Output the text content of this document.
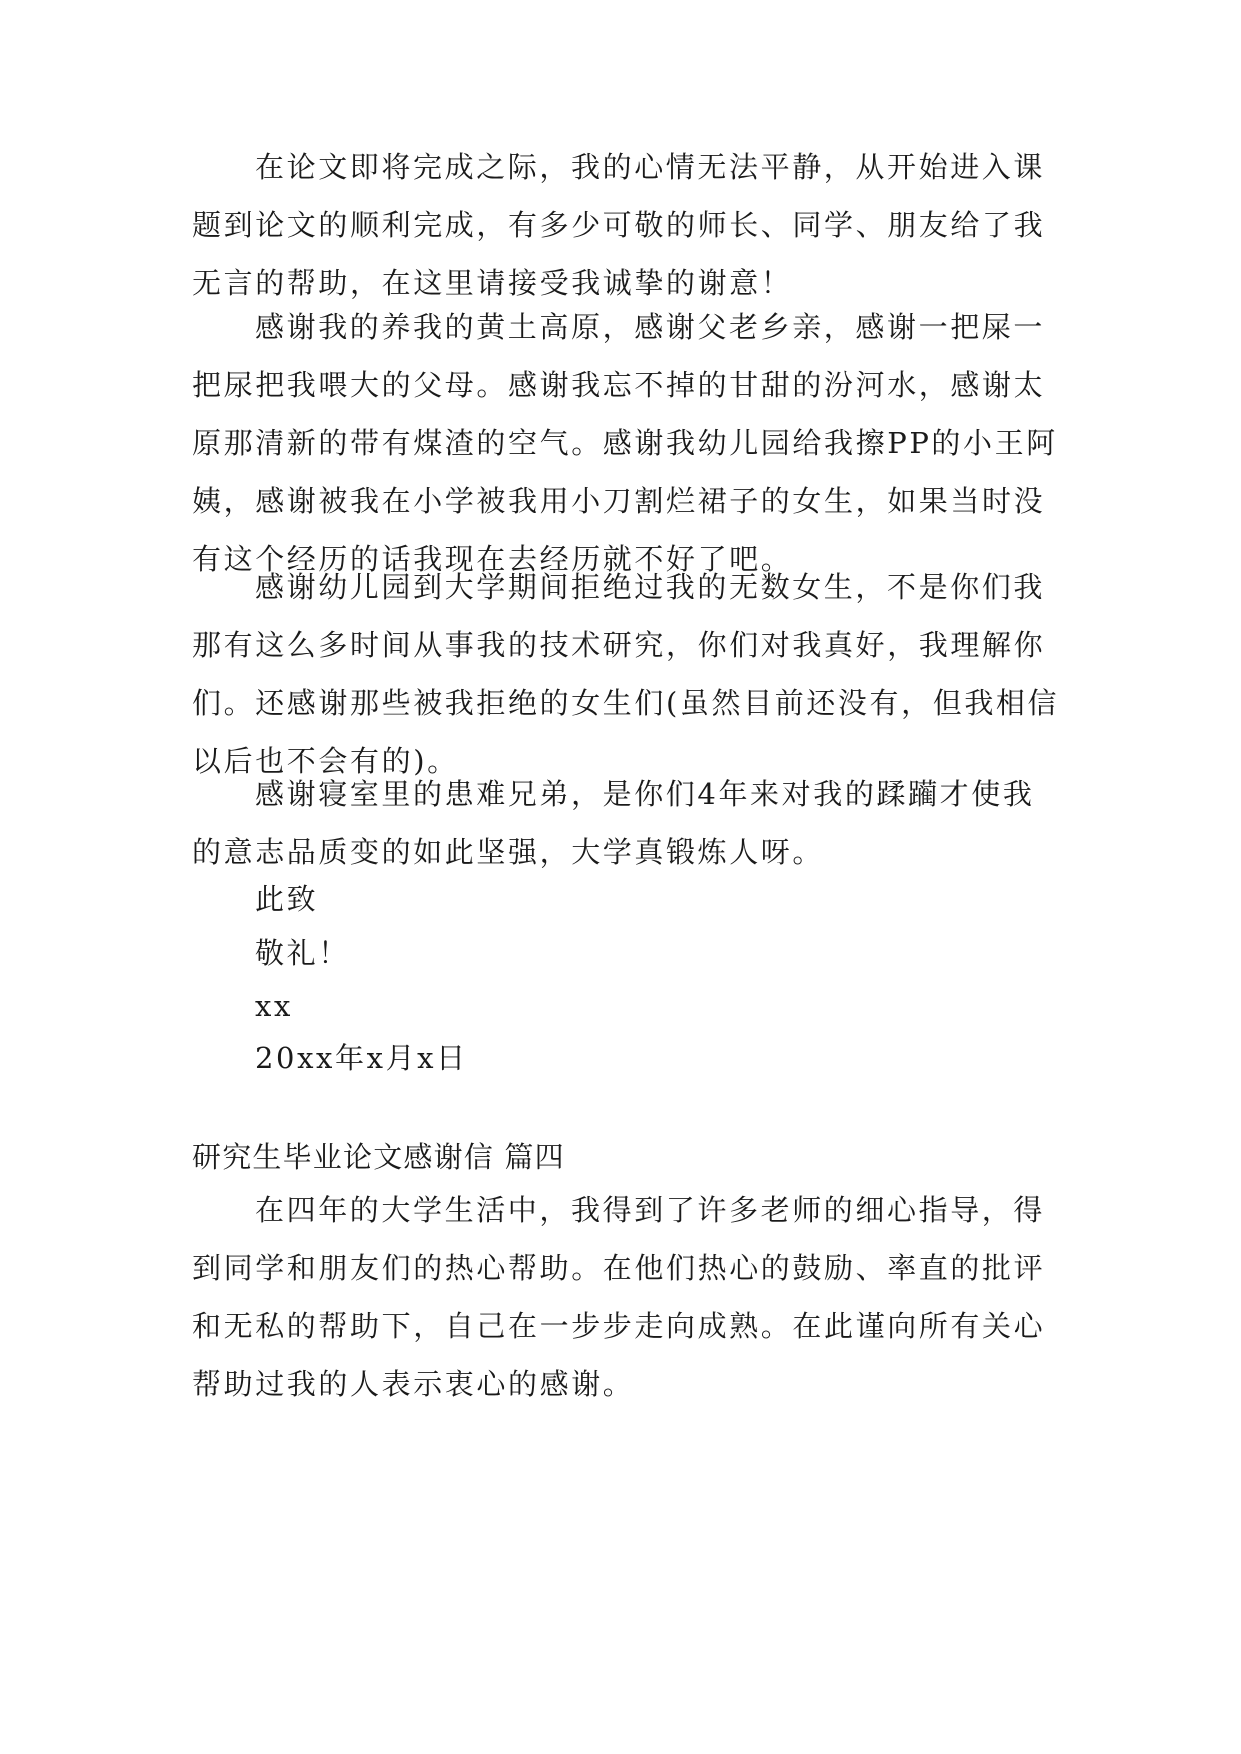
在论文即将完成之际，我的心情无法平静，从开始进入课题到论文的顺利完成，有多少可敬的师长、同学、朋友给了我无言的帮助，在这里请接受我诚挚的谢意！

感谢我的养我的黄土高原，感谢父老乡亲，感谢一把屎一把尿把我喂大的父母。感谢我忘不掉的甘甜的汾河水，感谢太原那清新的带有煤渣的空气。感谢我幼儿园给我擦PP的小王阿姨，感谢被我在小学被我用小刀割烂裙子的女生，如果当时没有这个经历的话我现在去经历就不好了吧。

感谢幼儿园到大学期间拒绝过我的无数女生，不是你们我那有这么多时间从事我的技术研究，你们对我真好，我理解你们。还感谢那些被我拒绝的女生们(虽然目前还没有，但我相信以后也不会有的)。

感谢寝室里的患难兄弟，是你们4年来对我的蹂躏才使我的意志品质变的如此坚强，大学真锻炼人呀。

此致

敬礼！

xx

20xx年x月x日

研究生毕业论文感谢信 篇四

在四年的大学生活中，我得到了许多老师的细心指导，得到同学和朋友们的热心帮助。在他们热心的鼓励、率直的批评和无私的帮助下，自己在一步步走向成熟。在此谨向所有关心帮助过我的人表示衷心的感谢。
